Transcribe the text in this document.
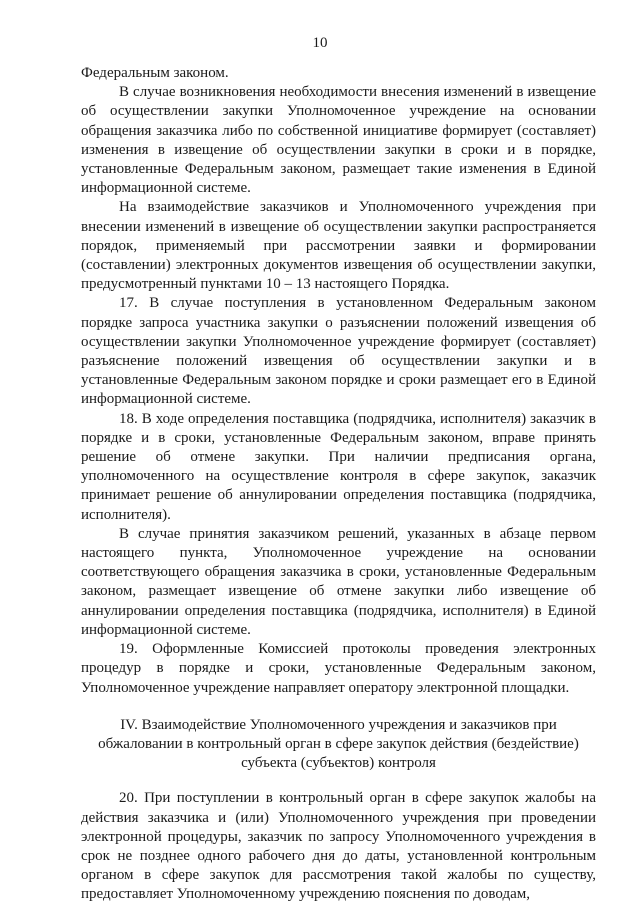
10

Федеральным законом.

В случае возникновения необходимости внесения изменений в извещение об осуществлении закупки Уполномоченное учреждение на основании обращения заказчика либо по собственной инициативе формирует (составляет) изменения в извещение об осуществлении закупки в сроки и в порядке, установленные Федеральным законом, размещает такие изменения в Единой информационной системе.

На взаимодействие заказчиков и Уполномоченного учреждения при внесении изменений в извещение об осуществлении закупки распространяется порядок, применяемый при рассмотрении заявки и формировании (составлении) электронных документов извещения об осуществлении закупки, предусмотренный пунктами 10 – 13 настоящего Порядка.

17. В случае поступления в установленном Федеральным законом порядке запроса участника закупки о разъяснении положений извещения об осуществлении закупки Уполномоченное учреждение формирует (составляет) разъяснение положений извещения об осуществлении закупки и в установленные Федеральным законом порядке и сроки размещает его в Единой информационной системе.

18. В ходе определения поставщика (подрядчика, исполнителя) заказчик в порядке и в сроки, установленные Федеральным законом, вправе принять решение об отмене закупки. При наличии предписания органа, уполномоченного на осуществление контроля в сфере закупок, заказчик принимает решение об аннулировании определения поставщика (подрядчика, исполнителя).

В случае принятия заказчиком решений, указанных в абзаце первом настоящего пункта, Уполномоченное учреждение на основании соответствующего обращения заказчика в сроки, установленные Федеральным законом, размещает извещение об отмене закупки либо извещение об аннулировании определения поставщика (подрядчика, исполнителя) в Единой информационной системе.

19. Оформленные Комиссией протоколы проведения электронных процедур в порядке и сроки, установленные Федеральным законом, Уполномоченное учреждение направляет оператору электронной площадки.

IV. Взаимодействие Уполномоченного учреждения и заказчиков при
обжаловании в контрольный орган в сфере закупок действия (бездействие)
субъекта (субъектов) контроля

20. При поступлении в контрольный орган в сфере закупок жалобы на действия заказчика и (или) Уполномоченного учреждения при проведении электронной процедуры, заказчик по запросу Уполномоченного учреждения в срок не позднее одного рабочего дня до даты, установленной контрольным органом в сфере закупок для рассмотрения такой жалобы по существу, предоставляет Уполномоченному учреждению пояснения по доводам,
